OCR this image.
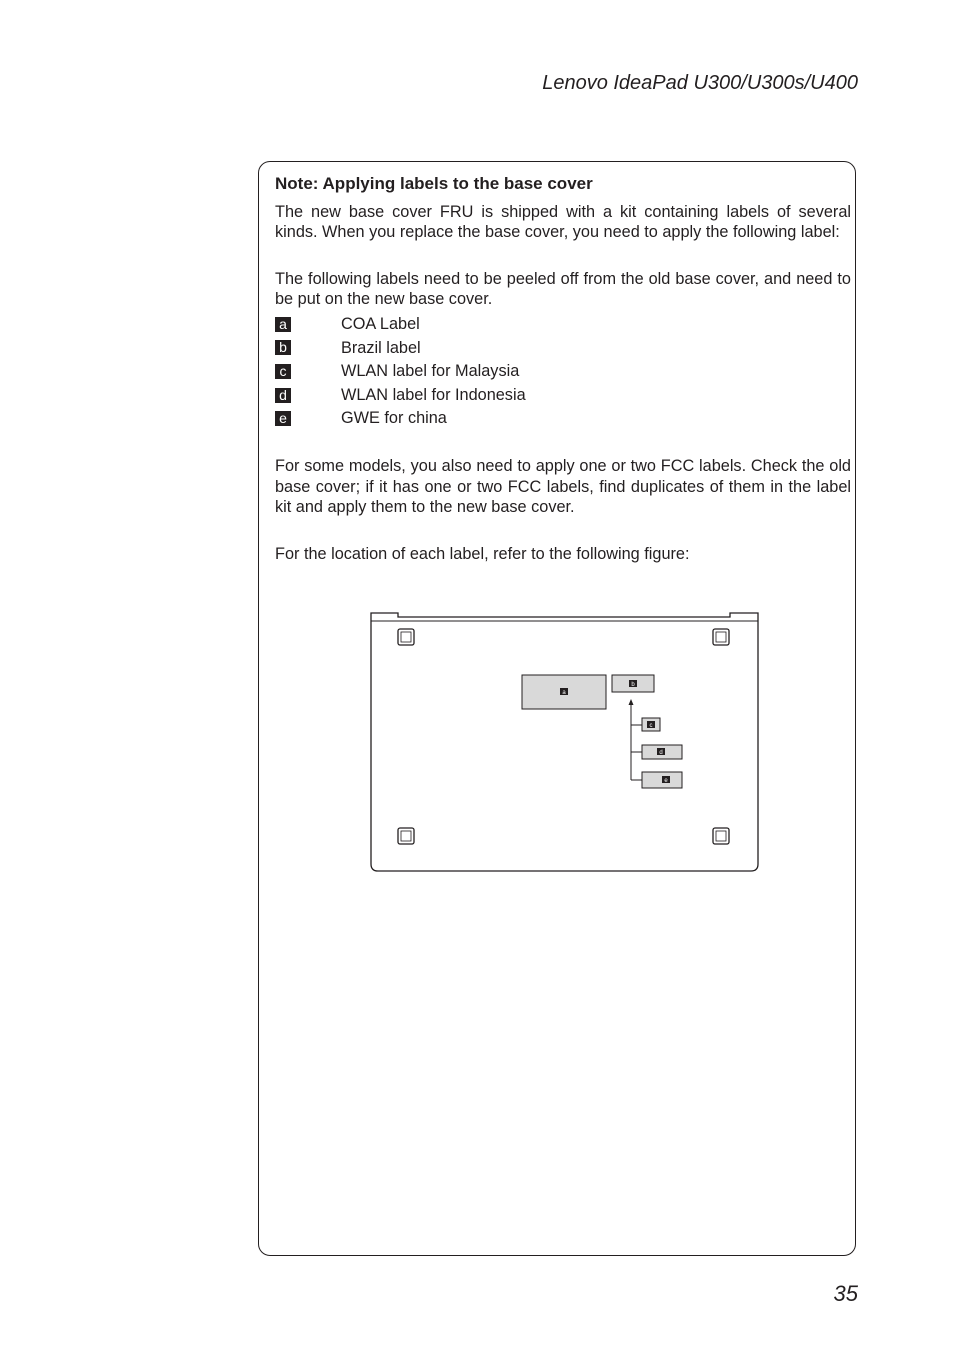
Lenovo IdeaPad U300/U300s/U400
Note: Applying labels to the base cover

The new base cover FRU is shipped with a kit containing labels of several kinds. When you replace the base cover, you need to apply the following label:

The following labels need to be peeled off from the old base cover, and need to be put on the new base cover.

a	COA Label
b	Brazil label
c	WLAN label for Malaysia
d	WLAN label for Indonesia
e	GWE for china

For some models, you also need to apply one or two FCC labels. Check the old base cover; if it has one or two FCC labels, find duplicates of them in the label kit and apply them to the new base cover.

For the location of each label, refer to the following figure:

a
b
c
d
e
35
